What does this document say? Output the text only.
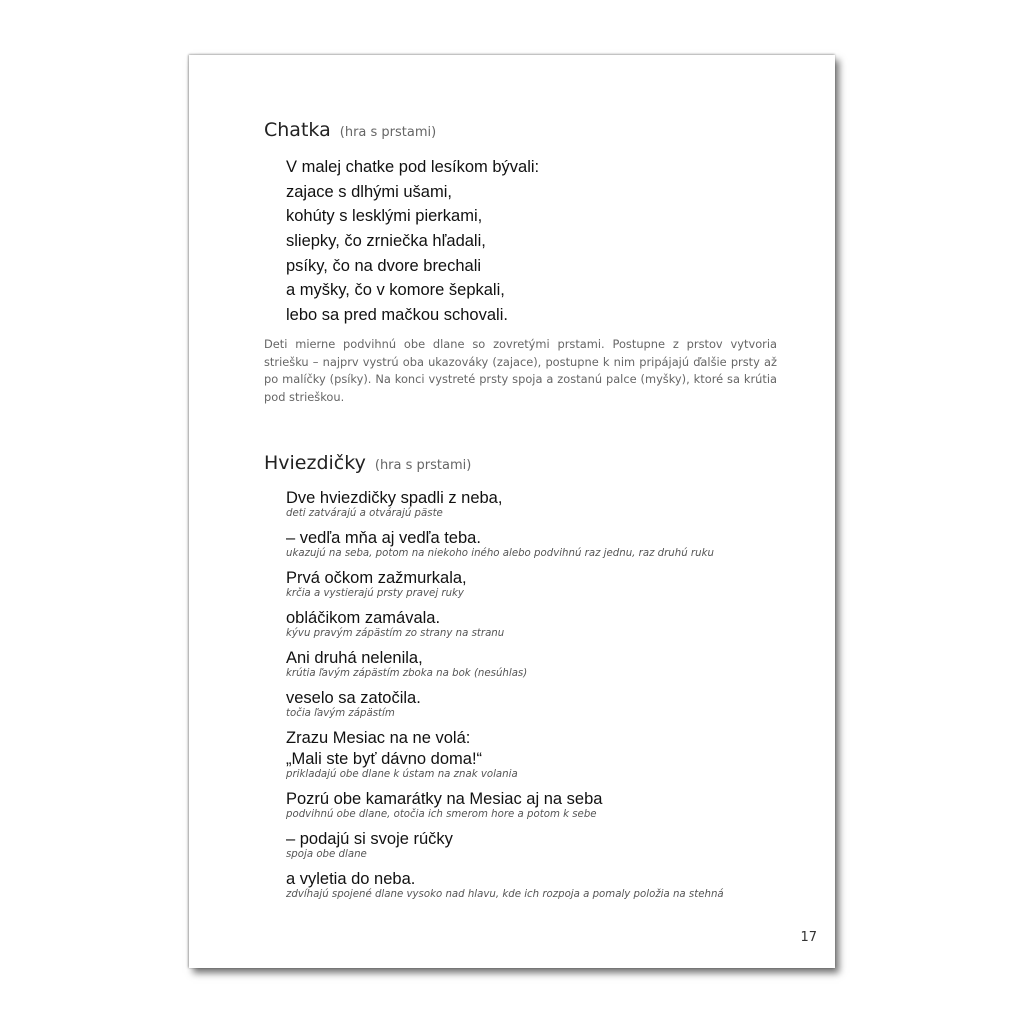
Chatka (hra s prstami)
V malej chatke pod lesíkom bývali:
zajace s dlhými ušami,
kohúty s lesklými pierkami,
sliepky, čo zrniečka hľadali,
psíky, čo na dvore brechali
a myšky, čo v komore šepkali,
lebo sa pred mačkou schovali.

Deti mierne podvihnú obe dlane so zovretými prstami. Postupne z prstov vytvoria striešku – najprv vystrú oba ukazováky (zajace), postupne k nim pripájajú ďalšie prsty až po malíčky (psíky). Na konci vystreté prsty spoja a zostanú palce (myšky), ktoré sa krútia pod strieškou.

Hviezdičky (hra s prstami)
Dve hviezdičky spadli z neba,
deti zatvárajú a otvárajú päste
– vedľa mňa aj vedľa teba.
ukazujú na seba, potom na niekoho iného alebo podvihnú raz jednu, raz druhú ruku
Prvá očkom zažmurkala,
krčia a vystierajú prsty pravej ruky
obláčikom zamávala.
kývu pravým zápästím zo strany na stranu
Ani druhá nelenila,
krútia ľavým zápästím zboka na bok (nesúhlas)
veselo sa zatočila.
točia ľavým zápästím
Zrazu Mesiac na ne volá:
„Mali ste byť dávno doma!“
prikladajú obe dlane k ústam na znak volania
Pozrú obe kamarátky na Mesiac aj na seba
podvihnú obe dlane, otočia ich smerom hore a potom k sebe
– podajú si svoje rúčky
spoja obe dlane
a vyletia do neba.
zdvíhajú spojené dlane vysoko nad hlavu, kde ich rozpoja a pomaly položia na stehná
17
